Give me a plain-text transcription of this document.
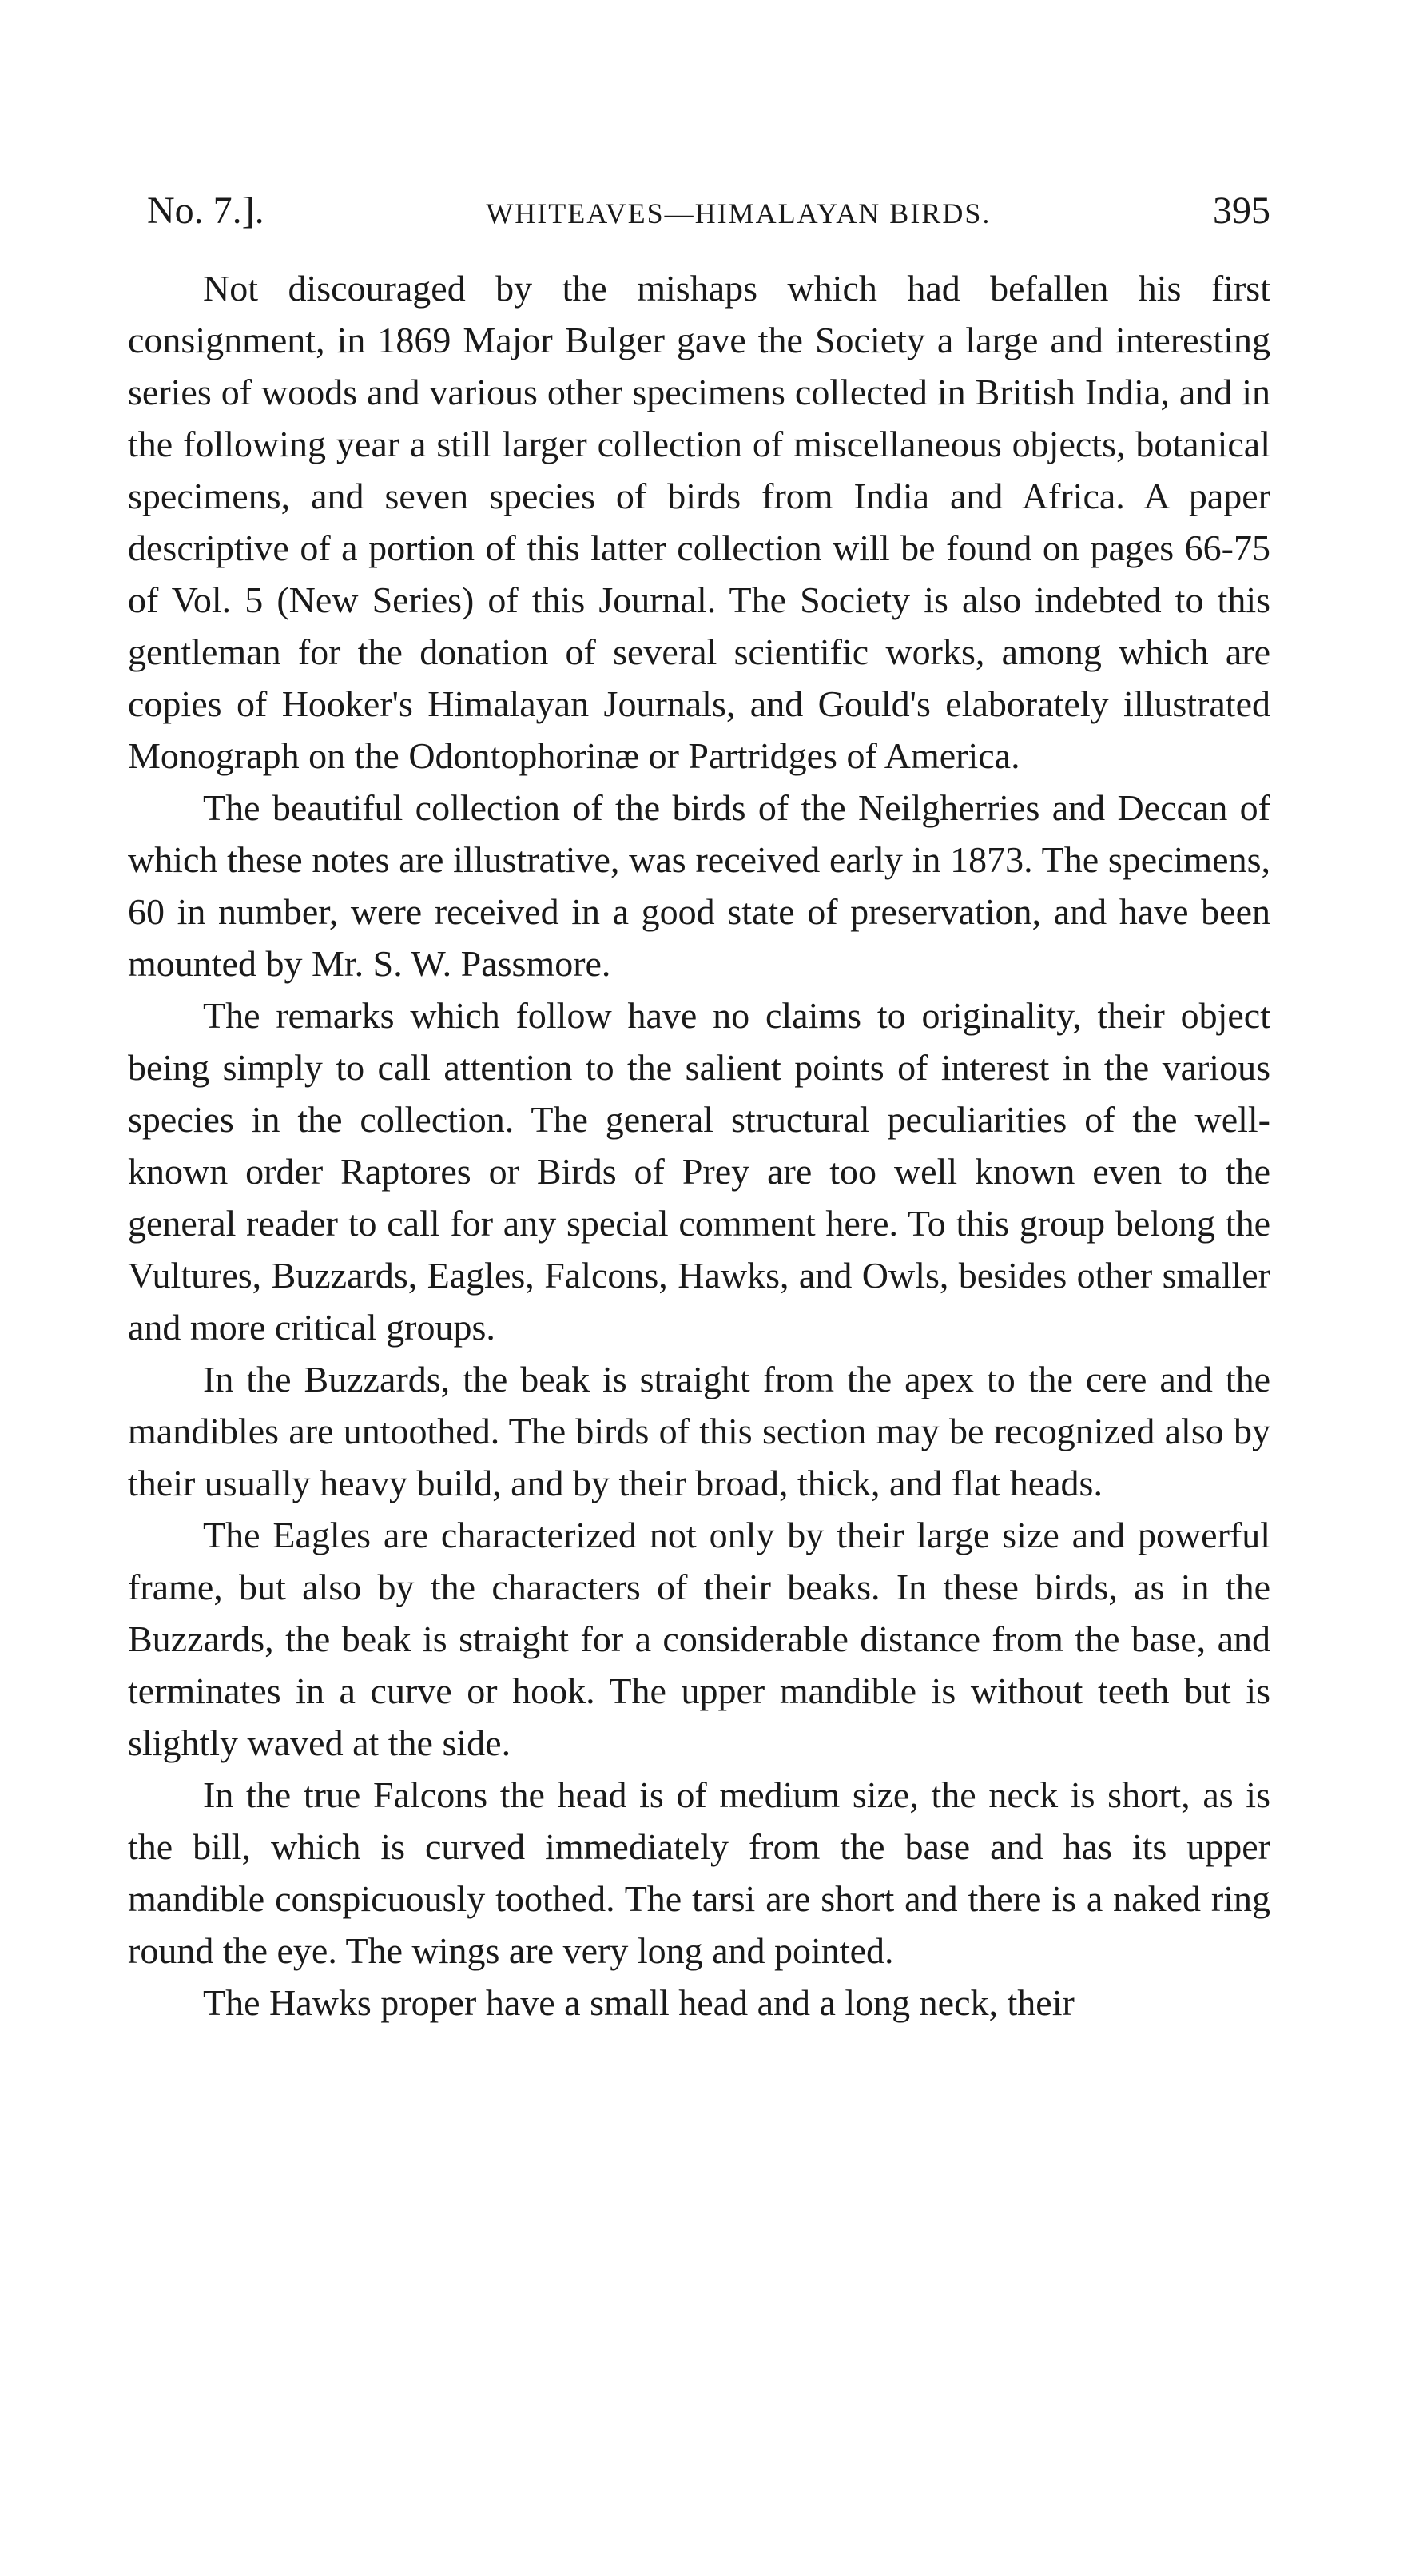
No. 7.].	WHITEAVES—HIMALAYAN BIRDS.	395

Not discouraged by the mishaps which had befallen his first consignment, in 1869 Major Bulger gave the Society a large and interesting series of woods and various other specimens collected in British India, and in the following year a still larger collection of miscellaneous objects, botanical specimens, and seven species of birds from India and Africa. A paper descriptive of a portion of this latter collection will be found on pages 66-75 of Vol. 5 (New Series) of this Journal. The Society is also indebted to this gentleman for the donation of several scientific works, among which are copies of Hooker's Himalayan Journals, and Gould's elaborately illustrated Monograph on the Odontophorinæ or Partridges of America.

The beautiful collection of the birds of the Neilgherries and Deccan of which these notes are illustrative, was received early in 1873. The specimens, 60 in number, were received in a good state of preservation, and have been mounted by Mr. S. W. Passmore.

The remarks which follow have no claims to originality, their object being simply to call attention to the salient points of interest in the various species in the collection. The general structural peculiarities of the well-known order Raptores or Birds of Prey are too well known even to the general reader to call for any special comment here. To this group belong the Vultures, Buzzards, Eagles, Falcons, Hawks, and Owls, besides other smaller and more critical groups.

In the Buzzards, the beak is straight from the apex to the cere and the mandibles are untoothed. The birds of this section may be recognized also by their usually heavy build, and by their broad, thick, and flat heads.

The Eagles are characterized not only by their large size and powerful frame, but also by the characters of their beaks. In these birds, as in the Buzzards, the beak is straight for a considerable distance from the base, and terminates in a curve or hook. The upper mandible is without teeth but is slightly waved at the side.

In the true Falcons the head is of medium size, the neck is short, as is the bill, which is curved immediately from the base and has its upper mandible conspicuously toothed. The tarsi are short and there is a naked ring round the eye. The wings are very long and pointed.

The Hawks proper have a small head and a long neck, their
